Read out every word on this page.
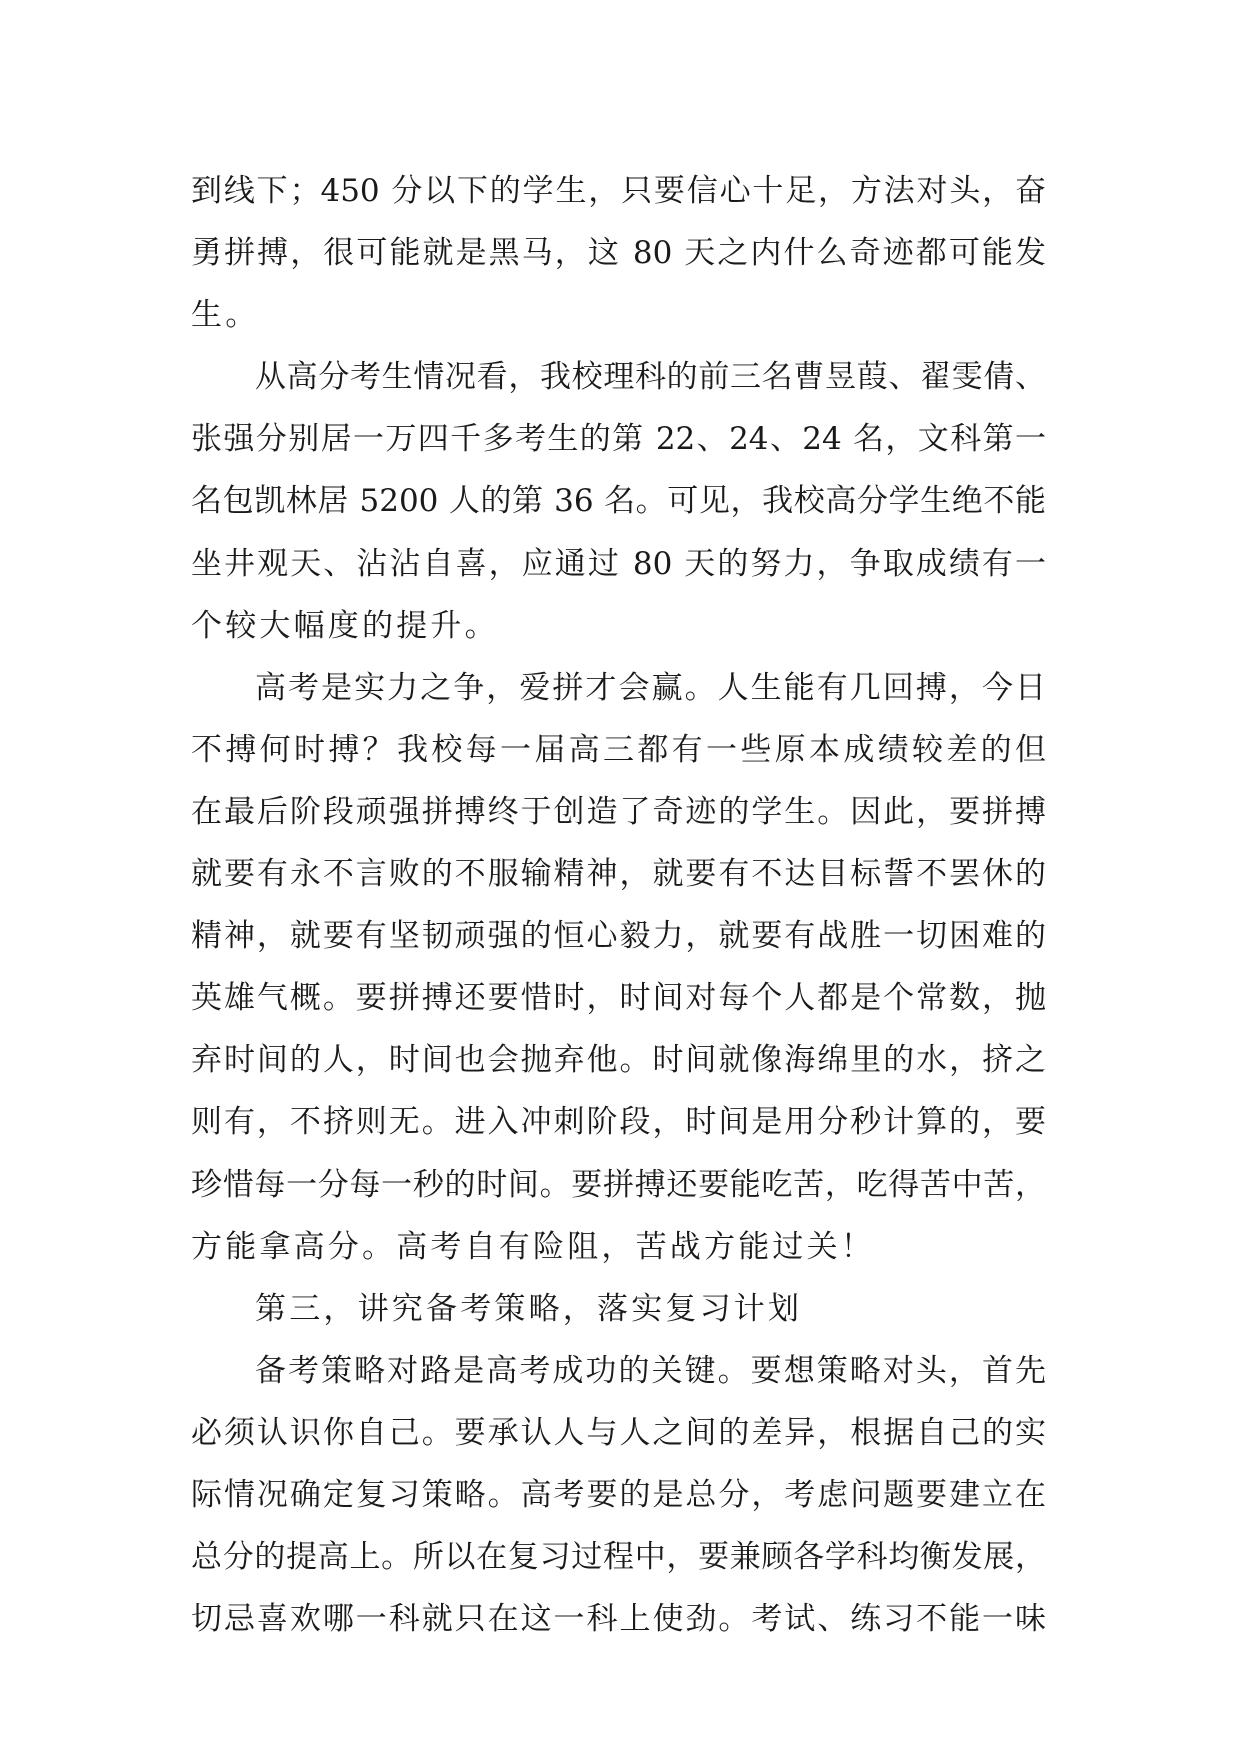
到线下；450 分以下的学生，只要信心十足，方法对头，奋
勇拼搏，很可能就是黑马，这 80 天之内什么奇迹都可能发
生。
从高分考生情况看，我校理科的前三名曹昱葭、翟雯倩、
张强分别居一万四千多考生的第 22、24、24 名，文科第一
名包凯林居 5200 人的第 36 名。可见，我校高分学生绝不能
坐井观天、沾沾自喜，应通过 80 天的努力，争取成绩有一
个较大幅度的提升。
高考是实力之争，爱拼才会赢。人生能有几回搏，今日
不搏何时搏？我校每一届高三都有一些原本成绩较差的但
在最后阶段顽强拼搏终于创造了奇迹的学生。因此，要拼搏
就要有永不言败的不服输精神，就要有不达目标誓不罢休的
精神，就要有坚韧顽强的恒心毅力，就要有战胜一切困难的
英雄气概。要拼搏还要惜时，时间对每个人都是个常数，抛
弃时间的人，时间也会抛弃他。时间就像海绵里的水，挤之
则有，不挤则无。进入冲刺阶段，时间是用分秒计算的，要
珍惜每一分每一秒的时间。要拼搏还要能吃苦，吃得苦中苦，
方能拿高分。高考自有险阻，苦战方能过关！
第三，讲究备考策略，落实复习计划
备考策略对路是高考成功的关键。要想策略对头，首先
必须认识你自己。要承认人与人之间的差异，根据自己的实
际情况确定复习策略。高考要的是总分，考虑问题要建立在
总分的提高上。所以在复习过程中，要兼顾各学科均衡发展，
切忌喜欢哪一科就只在这一科上使劲。考试、练习不能一味
